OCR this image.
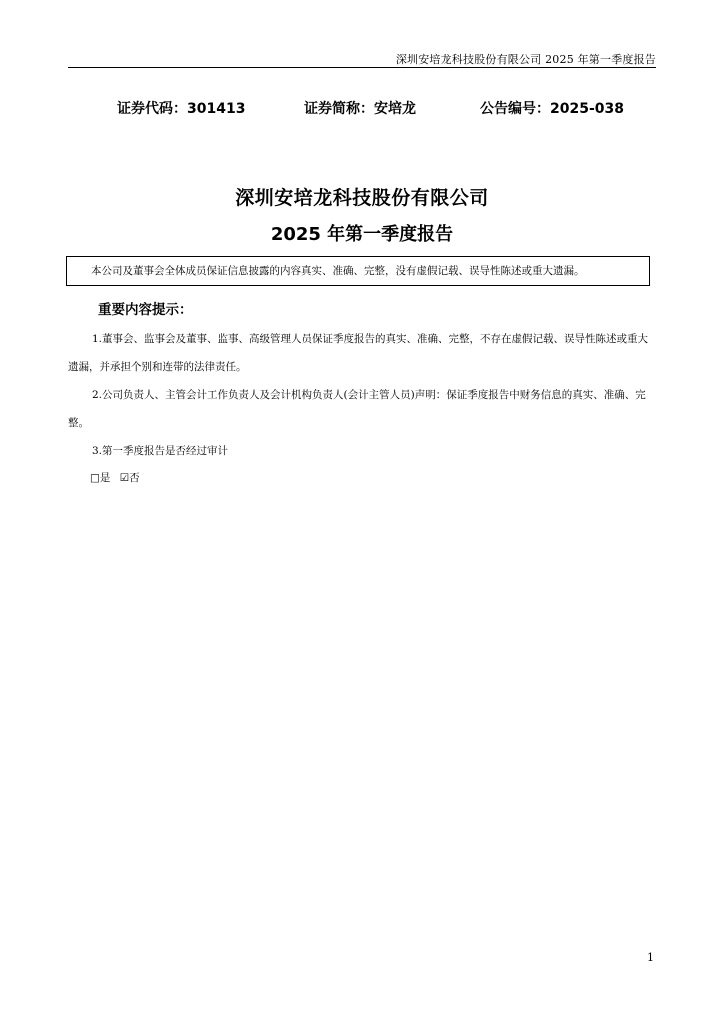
深圳安培龙科技股份有限公司 2025 年第一季度报告
证券代码：301413	证券简称：安培龙	公告编号：2025-038
深圳安培龙科技股份有限公司
2025 年第一季度报告
本公司及董事会全体成员保证信息披露的内容真实、准确、完整，没有虚假记载、误导性陈述或重大遗漏。
重要内容提示：
1.董事会、监事会及董事、监事、高级管理人员保证季度报告的真实、准确、完整，不存在虚假记载、误导性陈述或重大遗漏，并承担个别和连带的法律责任。
2.公司负责人、主管会计工作负责人及会计机构负责人(会计主管人员)声明：保证季度报告中财务信息的真实、准确、完整。
3.第一季度报告是否经过审计
□是 ☑否
1
